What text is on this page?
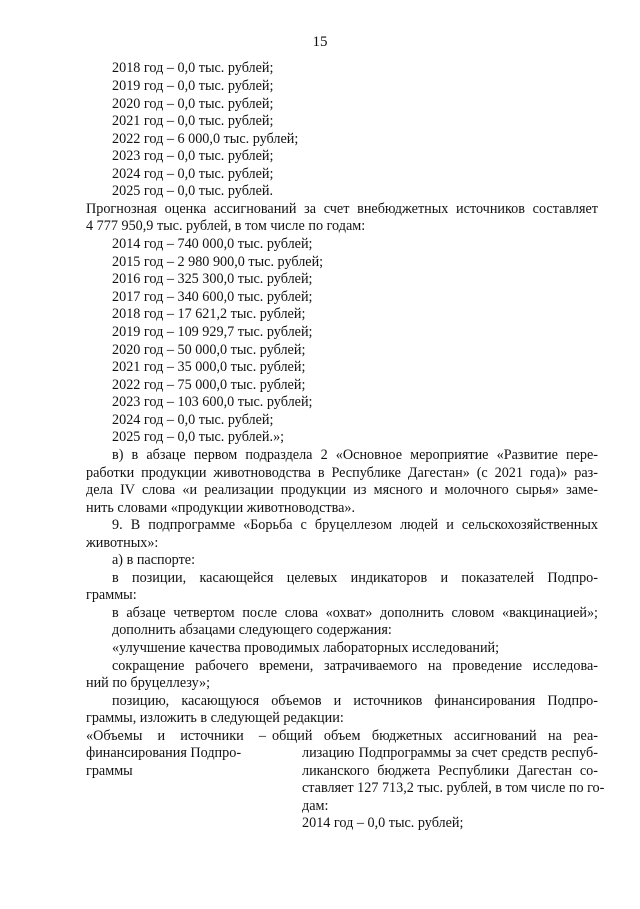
15
2018 год – 0,0 тыс. рублей;
2019 год – 0,0 тыс. рублей;
2020 год – 0,0 тыс. рублей;
2021 год – 0,0 тыс. рублей;
2022 год – 6 000,0 тыс. рублей;
2023 год – 0,0 тыс. рублей;
2024 год – 0,0 тыс. рублей;
2025 год – 0,0 тыс. рублей.
Прогнозная оценка ассигнований за счет внебюджетных источников составляет
4 777 950,9 тыс. рублей, в том числе по годам:
2014 год – 740 000,0 тыс. рублей;
2015 год – 2 980 900,0 тыс. рублей;
2016 год – 325 300,0 тыс. рублей;
2017 год – 340 600,0 тыс. рублей;
2018 год – 17 621,2 тыс. рублей;
2019 год – 109 929,7 тыс. рублей;
2020 год – 50 000,0 тыс. рублей;
2021 год – 35 000,0 тыс. рублей;
2022 год – 75 000,0 тыс. рублей;
2023 год – 103 600,0 тыс. рублей;
2024 год – 0,0 тыс. рублей;
2025 год – 0,0 тыс. рублей.»;
в) в абзаце первом подраздела 2 «Основное мероприятие «Развитие пере-
работки продукции животноводства в Республике Дагестан» (с 2021 года)» раз-
дела IV слова «и реализации продукции из мясного и молочного сырья» заме-
нить словами «продукции животноводства».
9. В подпрограмме «Борьба с бруцеллезом людей и сельскохозяйственных
животных»:
а) в паспорте:
в позиции, касающейся целевых индикаторов и показателей Подпро-
граммы:
в абзаце четвертом после слова «охват» дополнить словом «вакцинацией»;
дополнить абзацами следующего содержания:
«улучшение качества проводимых лабораторных исследований;
сокращение рабочего времени, затрачиваемого на проведение исследова-
ний по бруцеллезу»;
позицию, касающуюся объемов и источников финансирования Подпро-
граммы, изложить в следующей редакции:
«Объемы и источники –
финансирования Подпро-
граммы
общий объем бюджетных ассигнований на реа-
лизацию Подпрограммы за счет средств респуб-
ликанского бюджета Республики Дагестан со-
ставляет 127 713,2 тыс. рублей, в том числе по го-
дам:
2014 год – 0,0 тыс. рублей;
